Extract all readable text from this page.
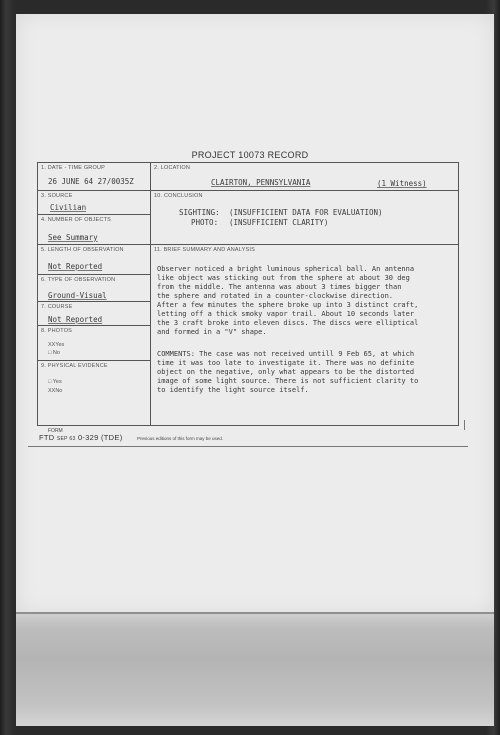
PROJECT 10073 RECORD
1. DATE - TIME GROUP
26 JUNE 64 27/0035Z
3. SOURCE
Civilian
4. NUMBER OF OBJECTS
See Summary
5. LENGTH OF OBSERVATION
Not Reported
6. TYPE OF OBSERVATION
Ground-Visual
7. COURSE
Not Reported
8. PHOTOS
XXYes
□ No
9. PHYSICAL EVIDENCE
□ Yes
XXNo
2. LOCATION
CLAIRTON, PENNSYLVANIA	(1 Witness)
10. CONCLUSION
SIGHTING: (INSUFFICIENT DATA FOR EVALUATION)
PHOTO: (INSUFFICIENT CLARITY)
11. BRIEF SUMMARY AND ANALYSIS
Observer noticed a bright luminous spherical ball. An antenna
like object was sticking out from the sphere at about 30 deg
from the middle. The antenna was about 3 times bigger than
the sphere and rotated in a counter-clockwise direction.
After a few minutes the sphere broke up into 3 distinct craft,
letting off a thick smoky vapor trail. About 10 seconds later
the 3 craft broke into eleven discs. The discs were elliptical
and formed in a "V" shape.
COMMENTS: The case was not received untill 9 Feb 65, at which
time it was too late to investigate it. There was no definite
object on the negative, only what appears to be the distorted
image of some light source. There is not sufficient clarity to
to identify the light source itself.
FORM
FTD SEP 63 0-329 (TDE)	Previous editions of this form may be used.
